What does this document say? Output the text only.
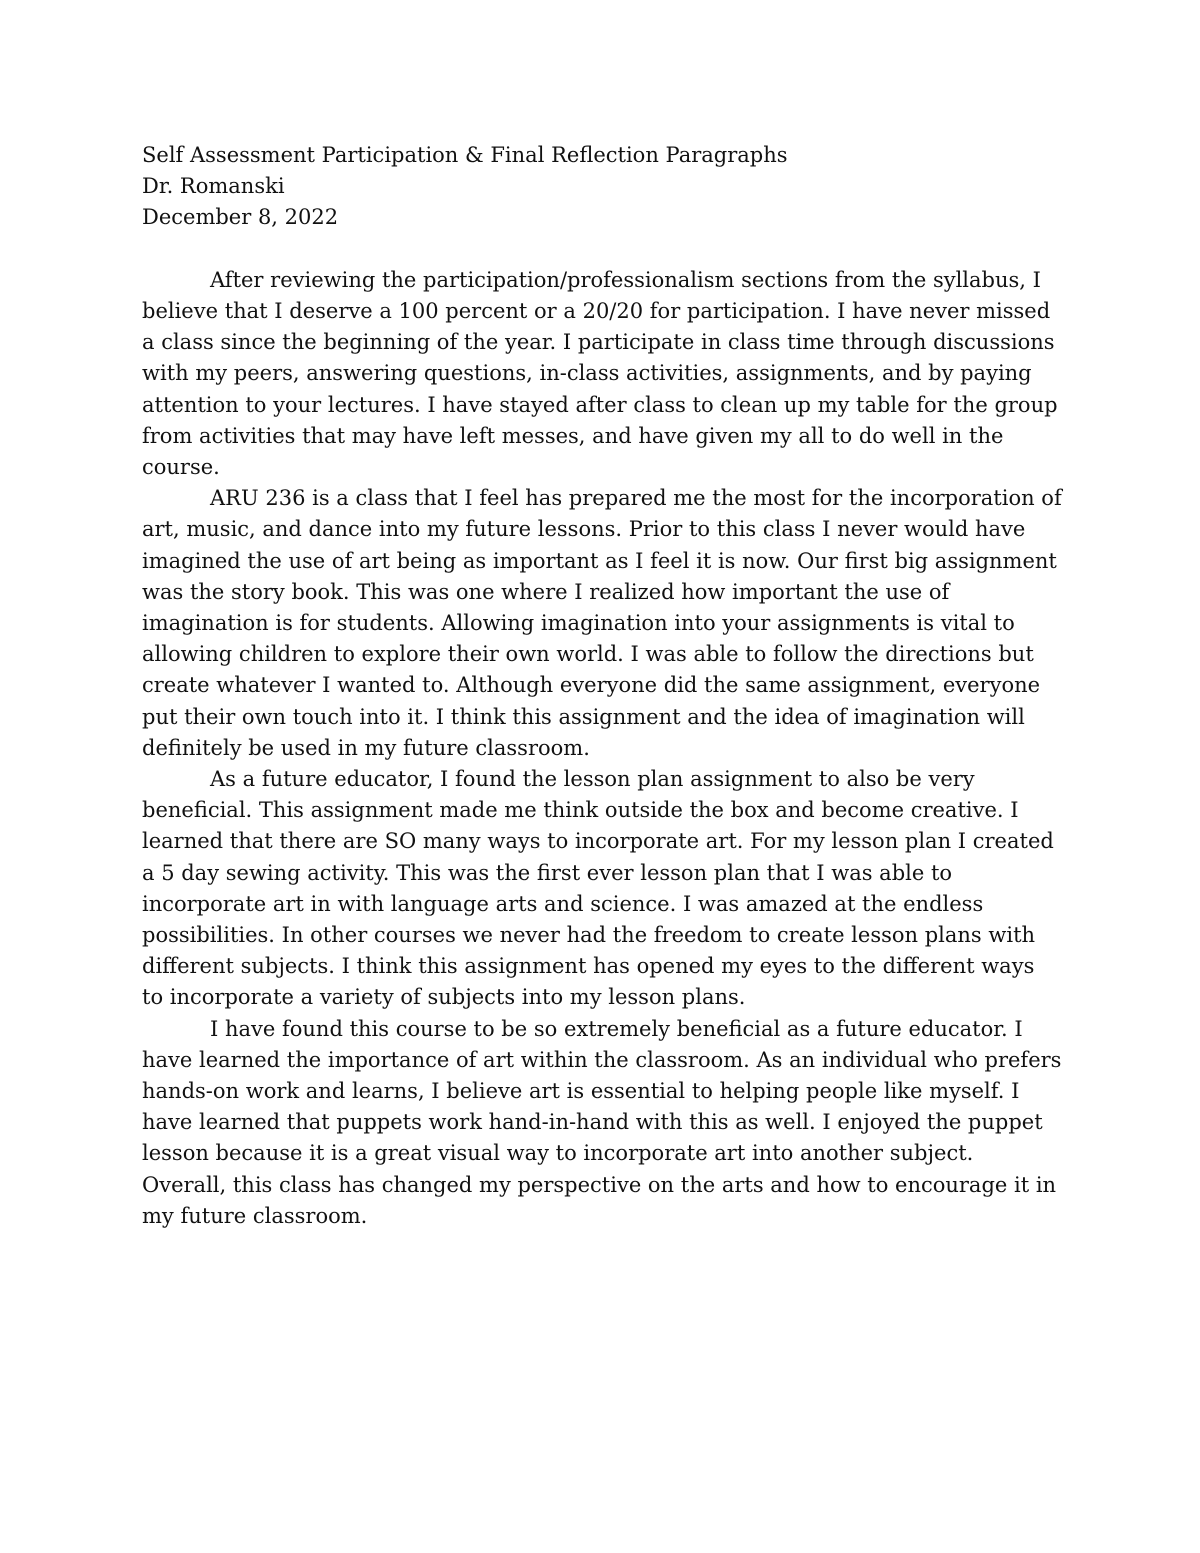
Self Assessment Participation & Final Reflection Paragraphs
Dr. Romanski
December 8, 2022

After reviewing the participation/professionalism sections from the syllabus, I believe that I deserve a 100 percent or a 20/20 for participation. I have never missed a class since the beginning of the year. I participate in class time through discussions with my peers, answering questions, in-class activities, assignments, and by paying attention to your lectures. I have stayed after class to clean up my table for the group from activities that may have left messes, and have given my all to do well in the course.

ARU 236 is a class that I feel has prepared me the most for the incorporation of art, music, and dance into my future lessons. Prior to this class I never would have imagined the use of art being as important as I feel it is now. Our first big assignment was the story book. This was one where I realized how important the use of imagination is for students. Allowing imagination into your assignments is vital to allowing children to explore their own world. I was able to follow the directions but create whatever I wanted to. Although everyone did the same assignment, everyone put their own touch into it. I think this assignment and the idea of imagination will definitely be used in my future classroom.

As a future educator, I found the lesson plan assignment to also be very beneficial. This assignment made me think outside the box and become creative. I learned that there are SO many ways to incorporate art. For my lesson plan I created a 5 day sewing activity. This was the first ever lesson plan that I was able to incorporate art in with language arts and science. I was amazed at the endless possibilities. In other courses we never had the freedom to create lesson plans with different subjects. I think this assignment has opened my eyes to the different ways to incorporate a variety of subjects into my lesson plans.

I have found this course to be so extremely beneficial as a future educator. I have learned the importance of art within the classroom. As an individual who prefers hands-on work and learns, I believe art is essential to helping people like myself. I have learned that puppets work hand-in-hand with this as well. I enjoyed the puppet lesson because it is a great visual way to incorporate art into another subject. Overall, this class has changed my perspective on the arts and how to encourage it in my future classroom.
